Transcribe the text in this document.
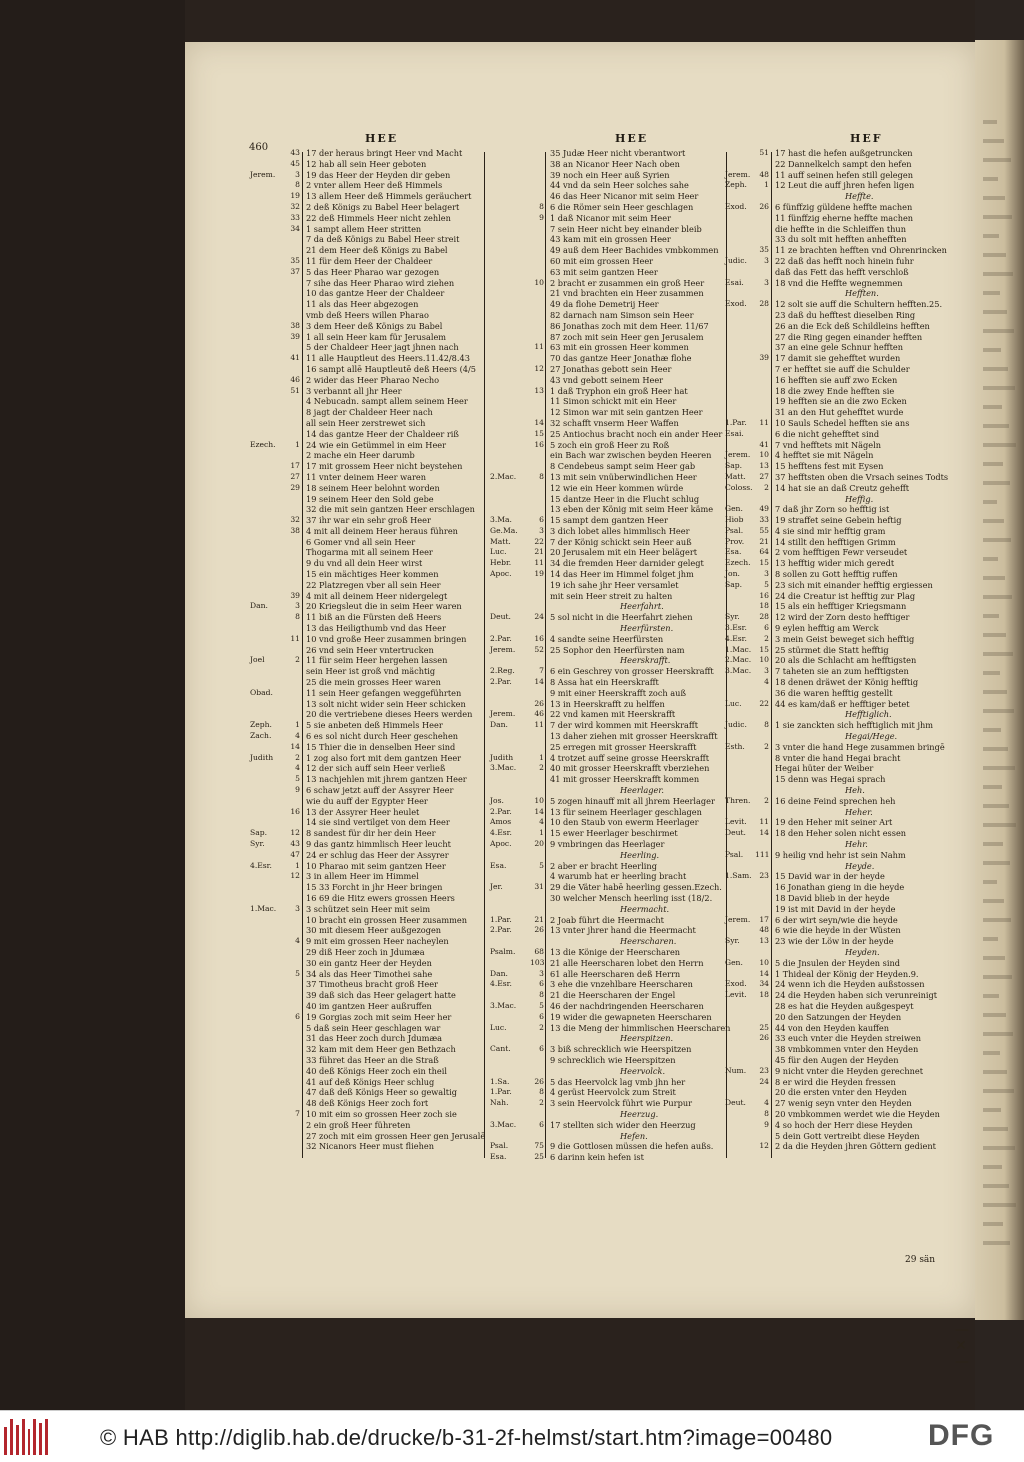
460
HEE	HEE	HEF
43 17 der heraus bringt Heer vnd Macht
45 12 hab all sein Heer geboten
Jerem.	3 19 das Heer der Heyden dir geben
8 2 vnter allem Heer deß Himmels
19 13 allem Heer deß Himmels geräuchert
32 2 deß Königs zu Babel Heer belagert
33 22 deß Himmels Heer nicht zehlen
34 1 sampt allem Heer stritten
7 da deß Königs zu Babel Heer streit
21 dem Heer deß Königs zu Babel
35 11 für dem Heer der Chaldeer
37 5 das Heer Pharao war gezogen
7 sihe das Heer Pharao wird ziehen
10 das gantze Heer der Chaldeer
11 als das Heer abgezogen
vmb deß Heers willen Pharao
38 3 dem Heer deß Königs zu Babel
39 1 all sein Heer kam für Jerusalem
5 der Chaldeer Heer jagt jhnen nach
41 11 alle Hauptleut des Heers.11.42/8.43
16 sampt allē Hauptleutē deß Heers (4/5
46 2 wider das Heer Pharao Necho
51 3 verbannt all jhr Heer
4 Nebucadn. sampt allem seinem Heer
8 jagt der Chaldeer Heer nach
all sein Heer zerstrewet sich
14 das gantze Heer der Chaldeer riß
Ezech.	1 24 wie ein Getümmel in eim Heer
2 mache ein Heer darumb
17 17 mit grossem Heer nicht beystehen
27 11 vnter deinem Heer waren
29 18 seinem Heer belohnt worden
19 seinem Heer den Sold gebe
32 die mit sein gantzen Heer erschlagen
32 37 ihr war ein sehr groß Heer
38 4 mit all deinem Heer heraus führen
6 Gomer vnd all sein Heer
Thogarma mit all seinem Heer
9 du vnd all dein Heer wirst
15 ein mächtiges Heer kommen
22 Platzregen vber all sein Heer
39 4 mit all deinem Heer nidergelegt
Dan.	3 20 Kriegsleut die in seim Heer waren
8 11 biß an die Fürsten deß Heers
13 das Heiligthumb vnd das Heer
11 10 vnd große Heer zusammen bringen
26 vnd sein Heer vntertrucken
Joel	2 11 für seim Heer hergehen lassen
sein Heer ist groß vnd mächtig
25 die mein grosses Heer waren
Obad.	11 sein Heer gefangen weggeführten
13 solt nicht wider sein Heer schicken
20 die vertriebene dieses Heers werden
Zeph.	1 5 sie anbeten deß Himmels Heer
Zach.	4 6 es sol nicht durch Heer geschehen
14 15 Thier die in denselben Heer sind
Judith	2 1 zog also fort mit dem gantzen Heer
4 12 der sich auff sein Heer verließ
5 13 nachjehlen mit jhrem gantzen Heer
9 6 schaw jetzt auff der Assyrer Heer
wie du auff der Egypter Heer
16 13 der Assyrer Heer heulet
14 sie sind vertilget von dem Heer
Sap.	12 8 sandest für dir her dein Heer
Syr.	43 9 das gantz himmlisch Heer leucht
47 24 er schlug das Heer der Assyrer
4.Esr.	1 10 Pharao mit seim gantzen Heer
12 3 in allem Heer im Himmel
15 33 Forcht in jhr Heer bringen
16 69 die Hitz ewers grossen Heers
1.Mac.	3 3 schützet sein Heer mit seim
10 bracht ein grossen Heer zusammen
30 mit diesem Heer außgezogen
4 9 mit eim grossen Heer nacheylen
29 diß Heer zoch in Jdumæa
30 ein gantz Heer der Heyden
5 34 als das Heer Timothei sahe
37 Timotheus bracht groß Heer
39 daß sich das Heer gelagert hatte
40 im gantzen Heer außruffen
6 19 Gorgias zoch mit seim Heer her
5 daß sein Heer geschlagen war
31 das Heer zoch durch Jdumæa
32 kam mit dem Heer gen Bethzach
33 führet das Heer an die Straß
40 deß Königs Heer zoch ein theil
41 auf deß Königs Heer schlug
47 daß deß Königs Heer so gewaltig
48 deß Königs Heer zoch fort
7 10 mit eim so grossen Heer zoch sie
2 ein groß Heer führeten
27 zoch mit eim grossen Heer gen Jerusalē
32 Nicanors Heer must fliehen
35 Judæ Heer nicht vberantwort
38 an Nicanor Heer Nach oben
39 noch ein Heer auß Syrien
44 vnd da sein Heer solches sahe
46 das Heer Nicanor mit seim Heer
8 6 die Römer sein Heer geschlagen
9 1 daß Nicanor mit seim Heer
7 sein Heer nicht bey einander bleib
43 kam mit ein grossen Heer
49 auß dem Heer Bachides vmbkommen
60 mit eim grossen Heer
63 mit seim gantzen Heer
10 2 bracht er zusammen ein groß Heer
21 vnd brachten ein Heer zusammen
49 da flohe Demetrij Heer
82 darnach nam Simson sein Heer
86 Jonathas zoch mit dem Heer. 11/67
87 zoch mit sein Heer gen Jerusalem
11 63 mit ein grossen Heer kommen
70 das gantze Heer Jonathæ flohe
12 27 Jonathas gebott sein Heer
43 vnd gebott seinem Heer
13 1 daß Tryphon ein groß Heer hat
11 Simon schickt mit ein Heer
12 Simon war mit sein gantzen Heer
14 32 schafft vnserm Heer Waffen
15 25 Antiochus bracht noch ein ander Heer
16 5 zoch ein groß Heer zu Roß
ein Bach war zwischen beyden Heeren
8 Cendebeus sampt seim Heer gab
2.Mac.	8 13 mit sein vnüberwindlichen Heer
12 wie ein Heer kommen würde
15 dantze Heer in die Flucht schlug
13 eben der König mit seim Heer käme
3.Ma.	6 15 sampt dem gantzen Heer
Ge.Ma.	3 3 dich lobet alles himmlisch Heer
Matt.	22 7 der König schickt sein Heer auß
Luc.	21 20 Jerusalem mit ein Heer belägert
Hebr.	11 34 die fremden Heer darnider gelegt
Apoc.	19 14 das Heer im Himmel folget jhm
19 ich sahe jhr Heer versamlet
mit sein Heer streit zu halten
Heerfahrt.
Deut.	24 5 sol nicht in die Heerfahrt ziehen
Heerfürsten.
2.Par.	16 4 sandte seine Heerfürsten
Jerem.	52 25 Sophor den Heerfürsten nam
Heerskrafft.
2.Reg.	7 6 ein Geschrey von grosser Heerskrafft
2.Par.	14 8 Assa hat ein Heerskrafft
9 mit einer Heerskrafft zoch auß
26 13 in Heerskrafft zu helffen
Jerem.	46 22 vnd kamen mit Heerskrafft
Dan.	11 7 der wird kommen mit Heerskrafft
13 daher ziehen mit grosser Heerskrafft
25 erregen mit grosser Heerskrafft
Judith	1 4 trotzet auff seine grosse Heerskrafft
3.Mac.	2 40 mit grosser Heerskrafft vberziehen
41 mit grosser Heerskrafft kommen
Heerlager.
Jos.	10 5 zogen hinauff mit all jhrem Heerlager
2.Par.	14 13 für seinem Heerlager geschlagen
Amos	4 10 den Staub von ewerm Heerlager
4.Esr.	1 15 ewer Heerlager beschirmet
Apoc.	20 9 vmbringen das Heerlager
Heerling.
Esa.	5 2 aber er bracht Heerling
4 warumb hat er heerling bracht
Jer.	31 29 die Väter habē heerling gessen.Ezech.
30 welcher Mensch heerling isst (18/2.
Heermacht.
1.Par.	21 2 Joab führt die Heermacht
2.Par.	26 13 vnter jhrer hand die Heermacht
Heerscharen.
Psalm.	68 13 die Könige der Heerscharen
103 21 alle Heerscharen lobet den Herrn
Dan.	3 61 alle Heerscharen deß Herrn
4.Esr.	6 3 ehe die vnzehlbare Heerscharen
8 21 die Heerscharen der Engel
3.Mac.	5 46 der nachdringenden Heerscharen
6 19 wider die gewapneten Heerscharen
Luc.	2 13 die Meng der himmlischen Heerscharen
Heerspitzen.
Cant.	6 3 biß schrecklich wie Heerspitzen
9 schrecklich wie Heerspitzen
Heervolck.
1.Sa.	26 5 das Heervolck lag vmb jhn her
1.Par.	8 4 gerüst Heervolck zum Streit
Nah.	2 3 sein Heervolck führt wie Purpur
Heerzug.
3.Mac.	6 17 stellten sich wider den Heerzug
Hefen.
Psal.	75 9 die Gottlosen müssen die hefen außs.
Esa.	25 6 darinn kein hefen ist
51 17 hast die hefen außgetruncken
22 Dannelkelch sampt den hefen
Jerem.	48 11 auff seinen hefen still gelegen
Zeph.	1 12 Leut die auff jhren hefen ligen
Heffte.
Exod.	26 6 fünffzig güldene heffte machen
11 fünffzig eherne heffte machen
die heffte in die Schleiffen thun
33 du solt mit hefften anhefften
35 11 ze brachten hefften vnd Ohrenrincken
Judic.	3 22 daß das hefft noch hinein fuhr
daß das Fett das hefft verschloß
Esai.	3 18 vnd die Heffte wegnemmen
Hefften.
Exod.	28 12 solt sie auff die Schultern hefften.25.
23 daß du hefftest dieselben Ring
26 an die Eck deß Schildleins hefften
27 die Ring gegen einander hefften
37 an eine gele Schnur hefften
39 17 damit sie gehefftet wurden
7 er hefftet sie auff die Schulder
16 hefften sie auff zwo Ecken
18 die zwey Ende hefften sie
19 hefften sie an die zwo Ecken
31 an den Hut gehefftet wurde
1.Par.	11 10 Sauls Schedel hefften sie ans
Esai.	6 die nicht gehefftet sind
41 7 vnd hefftets mit Nägeln
Jerem.	10 4 hefftet sie mit Nägeln
Sap.	13 15 hefftens fest mit Eysen
Matt.	27 37 hefftsten oben die Vrsach seines Todts
Coloss.	2 14 hat sie an daß Creutz gehefft
Heffig.
Gen.	49 7 daß jhr Zorn so hefftig ist
Hiob	33 19 straffet seine Gebein heftig
Psal.	55 4 sie sind mir hefftig gram
Prov.	21 14 stillt den hefftigen Grimm
Esa.	64 2 vom hefftigen Fewr verseudet
Ezech.	15 13 hefftig wider mich geredt
Jon.	3 8 sollen zu Gott hefftig ruffen
Sap.	5 23 sich mit einander hefftig ergiessen
16 24 die Creatur ist hefftig zur Plag
18 15 als ein hefftiger Kriegsmann
Syr.	28 12 wird der Zorn desto hefftiger
3.Esr.	6 9 eylen hefftig am Werck
4.Esr.	2 3 mein Geist beweget sich hefftig
1.Mac.	15 25 stürmet die Statt hefftig
2.Mac.	10 20 als die Schlacht am hefftigsten
3.Mac.	3 7 taheten sie an zum hefftigsten
4 18 denen dräwet der König hefftig
36 die waren hefftig gestellt
Luc.	22 44 es kam/daß er hefftiger betet
Hefftiglich.
Judic.	8 1 sie zanckten sich hefftiglich mit jhm
Hegai/Hege.
Esth.	2 3 vnter die hand Hege zusammen bringē
8 vnter die hand Hegai bracht
Hegai hüter der Weiber
15 denn was Hegai sprach
Heh.
Thren.	2 16 deine Feind sprechen heh
Heher.
Levit.	11 19 den Heher mit seiner Art
Deut.	14 18 den Heher solen nicht essen
Hehr.
Psal.	111 9 heilig vnd hehr ist sein Nahm
Heyde.
1.Sam.	23 15 David war in der heyde
16 Jonathan gieng in die heyde
18 David blieb in der heyde
19 ist mit David in der heyde
Jerem.	17 6 der wirt seyn/wie die heyde
48 6 wie die heyde in der Wüsten
Syr.	13 23 wie der Löw in der heyde
Heyden.
Gen.	10 5 die Jnsulen der Heyden sind
14 1 Thideal der König der Heyden.9.
Exod.	34 24 wenn ich die Heyden außstossen
Levit.	18 24 die Heyden haben sich verunreinigt
28 es hat die Heyden außgespeyt
20 den Satzungen der Heyden
25 44 von den Heyden kauffen
26 33 euch vnter die Heyden streiwen
38 vmbkommen vnter den Heyden
45 für den Augen der Heyden
Num.	23 9 nicht vnter die Heyden gerechnet
24 8 er wird die Heyden fressen
20 die ersten vnter den Heyden
Deut.	4 27 wenig seyn vnter den Heyden
8 20 vmbkommen werdet wie die Heyden
9 4 so hoch der Herr diese Heyden
5 dein Gott vertreibt diese Heyden
12 2 da die Heyden jhren Göttern gedient
29 sän
—✕—
© HAB http://diglib.hab.de/drucke/b-31-2f-helmst/start.htm?image=00480	DFG
